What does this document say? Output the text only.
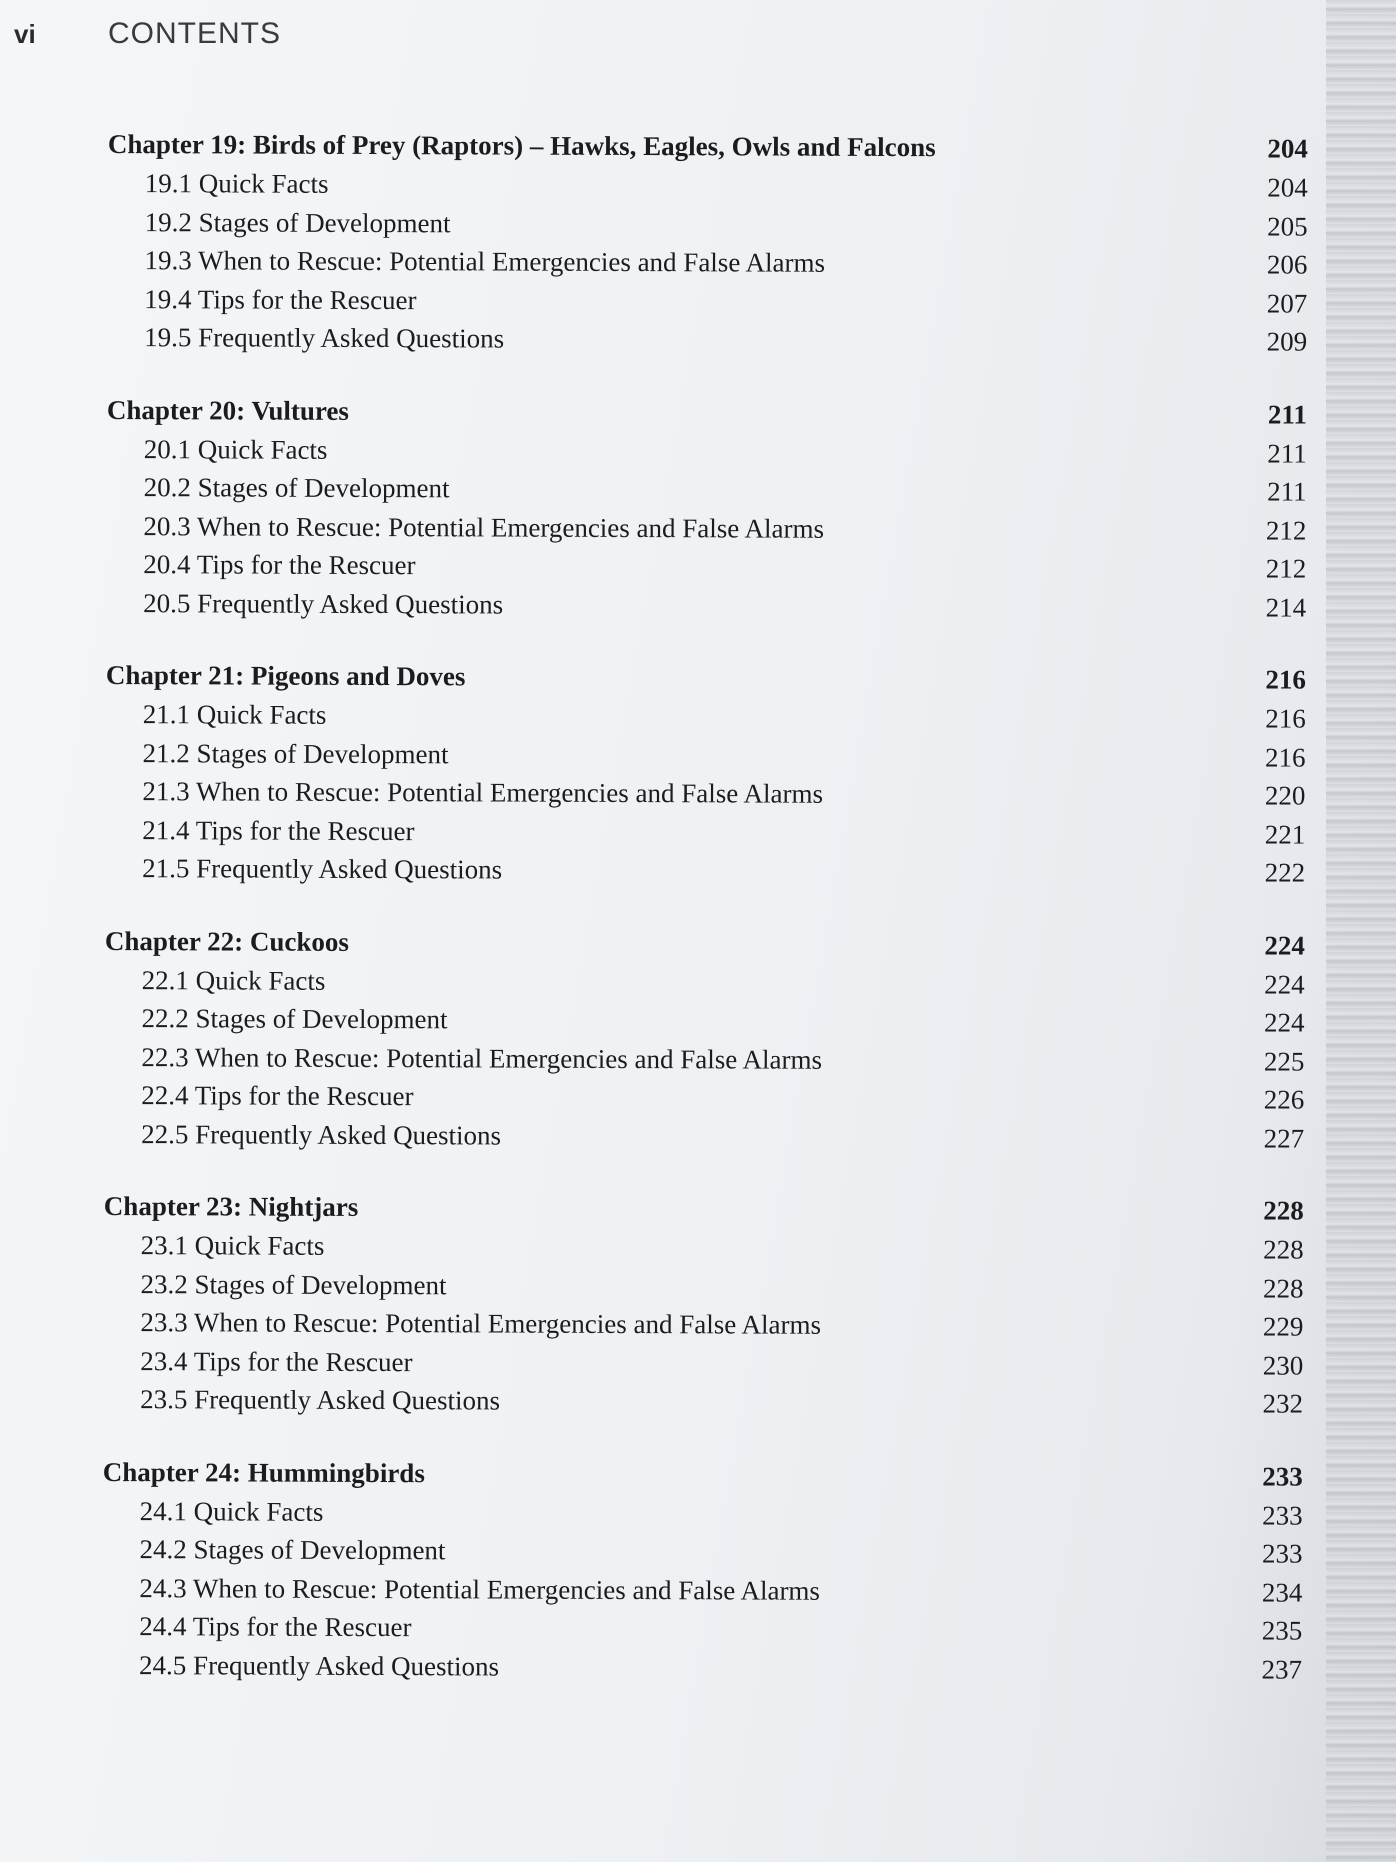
vi	CONTENTS
Chapter 19: Birds of Prey (Raptors) – Hawks, Eagles, Owls and Falcons	204
19.1 Quick Facts	204
19.2 Stages of Development	205
19.3 When to Rescue: Potential Emergencies and False Alarms	206
19.4 Tips for the Rescuer	207
19.5 Frequently Asked Questions	209
Chapter 20: Vultures	211
20.1 Quick Facts	211
20.2 Stages of Development	211
20.3 When to Rescue: Potential Emergencies and False Alarms	212
20.4 Tips for the Rescuer	212
20.5 Frequently Asked Questions	214
Chapter 21: Pigeons and Doves	216
21.1 Quick Facts	216
21.2 Stages of Development	216
21.3 When to Rescue: Potential Emergencies and False Alarms	220
21.4 Tips for the Rescuer	221
21.5 Frequently Asked Questions	222
Chapter 22: Cuckoos	224
22.1 Quick Facts	224
22.2 Stages of Development	224
22.3 When to Rescue: Potential Emergencies and False Alarms	225
22.4 Tips for the Rescuer	226
22.5 Frequently Asked Questions	227
Chapter 23: Nightjars	228
23.1 Quick Facts	228
23.2 Stages of Development	228
23.3 When to Rescue: Potential Emergencies and False Alarms	229
23.4 Tips for the Rescuer	230
23.5 Frequently Asked Questions	232
Chapter 24: Hummingbirds	233
24.1 Quick Facts	233
24.2 Stages of Development	233
24.3 When to Rescue: Potential Emergencies and False Alarms	234
24.4 Tips for the Rescuer	235
24.5 Frequently Asked Questions	237
